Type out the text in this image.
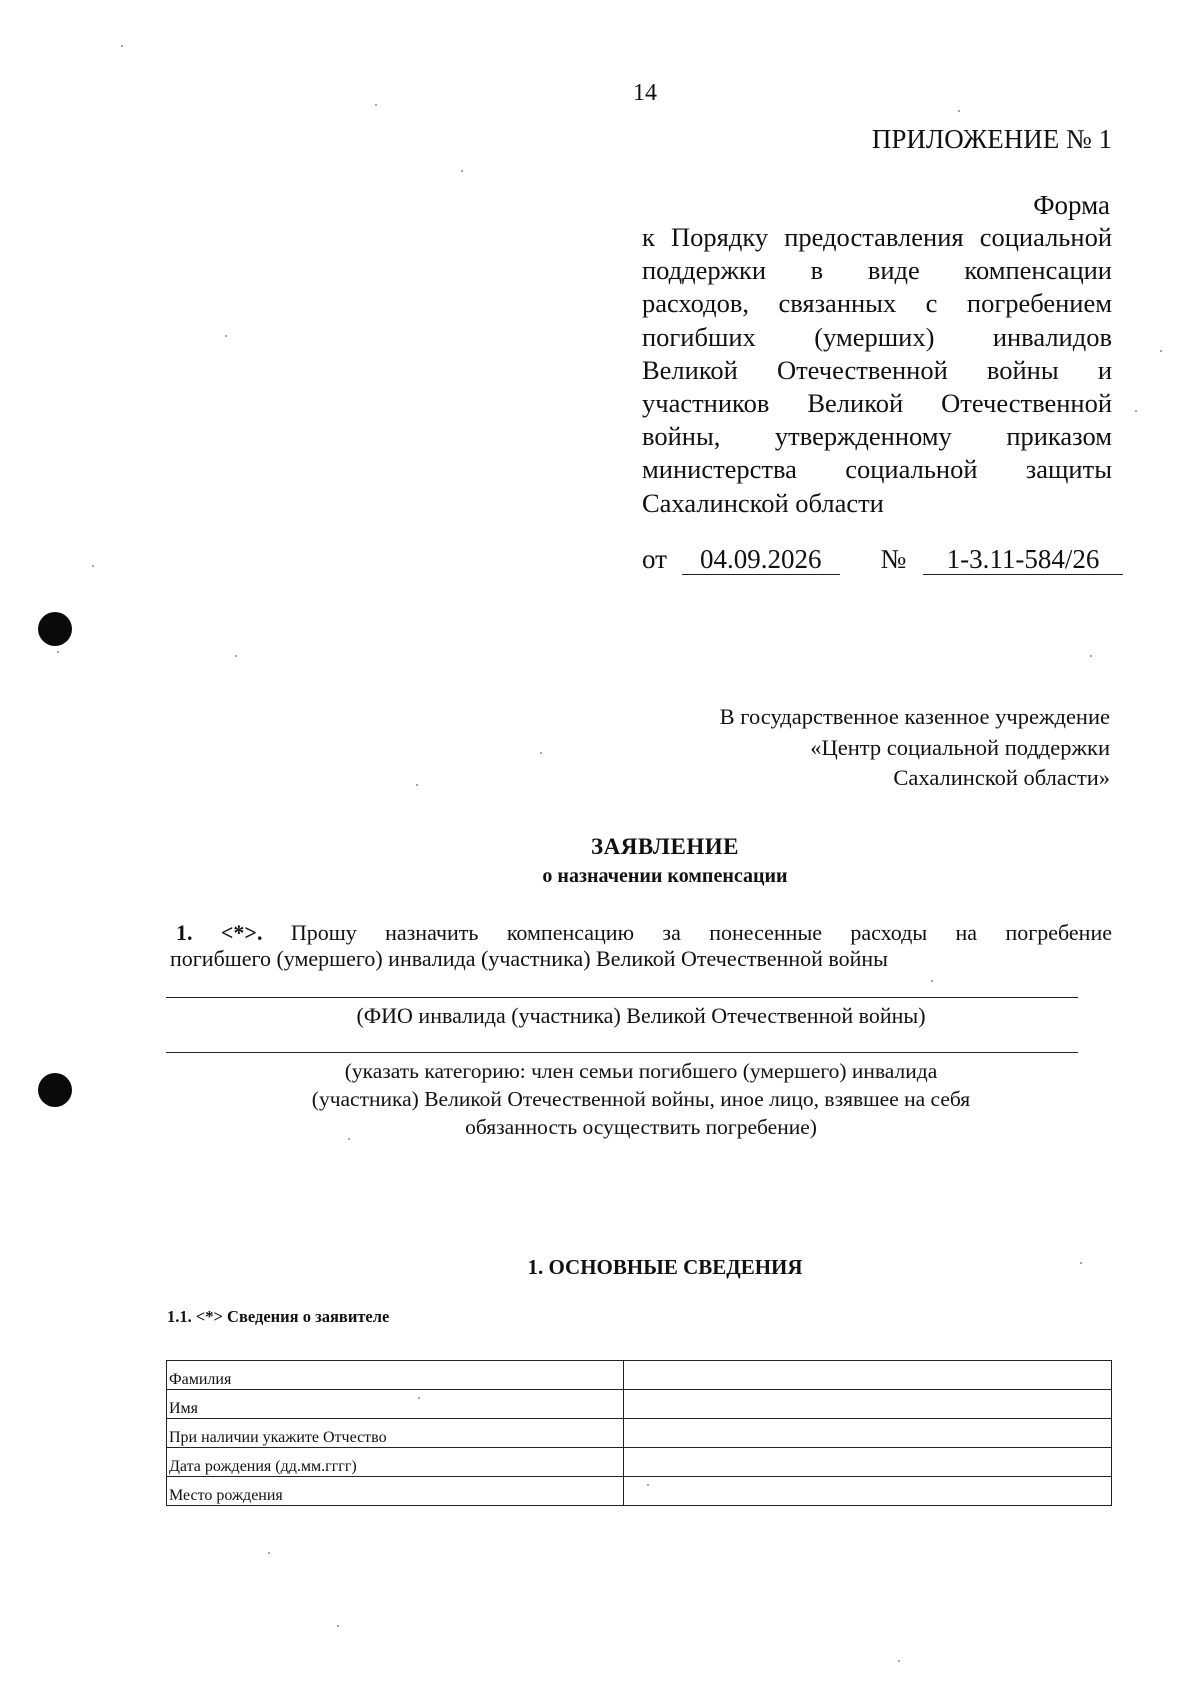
14
ПРИЛОЖЕНИЕ № 1
Форма
к Порядку предоставления социальной
поддержки в виде компенсации
расходов, связанных с погребением
погибших (умерших) инвалидов
Великой Отечественной войны и
участников Великой Отечественной
войны, утвержденному приказом
министерства социальной защиты
Сахалинской области
от 04.09.2026 № 1-3.11-584/26
В государственное казенное учреждение
«Центр социальной поддержки
Сахалинской области»
ЗАЯВЛЕНИЕ
о назначении компенсации
1. <*>. Прошу назначить компенсацию за понесенные расходы на погребение
погибшего (умершего) инвалида (участника) Великой Отечественной войны
(ФИО инвалида (участника) Великой Отечественной войны)
(указать категорию: член семьи погибшего (умершего) инвалида
(участника) Великой Отечественной войны, иное лицо, взявшее на себя
обязанность осуществить погребение)
1. ОСНОВНЫЕ СВЕДЕНИЯ
1.1. <*> Сведения о заявителе
Фамилия	
Имя	
При наличии укажите Отчество	
Дата рождения (дд.мм.гггг)	
Место рождения	
